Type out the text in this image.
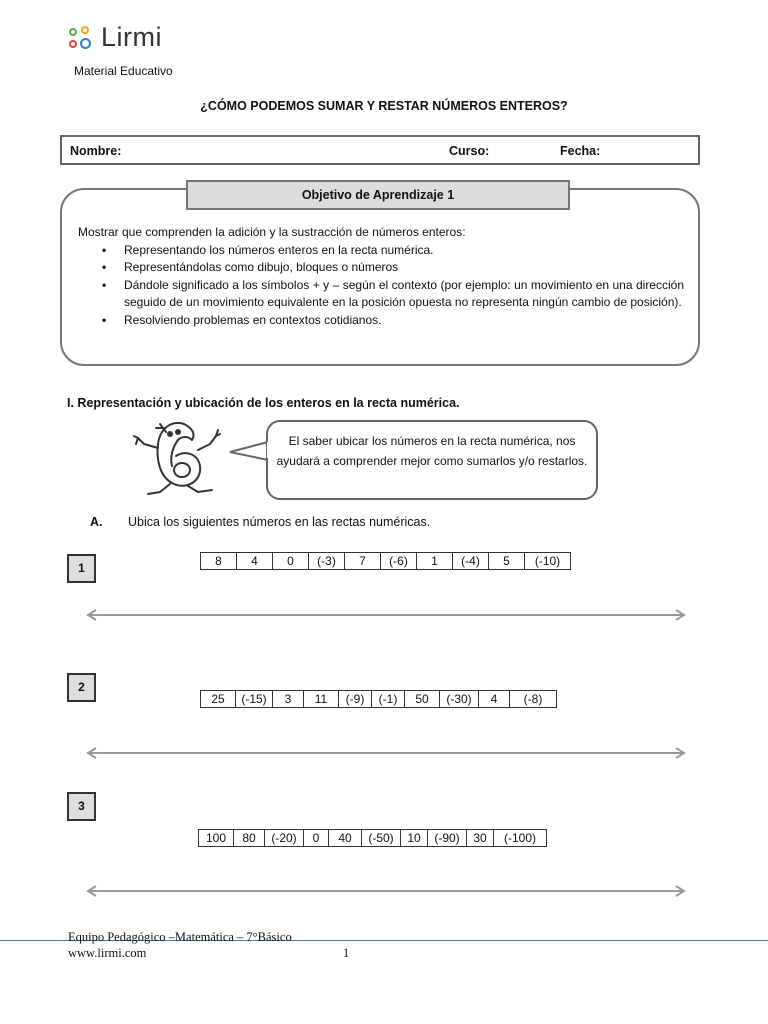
Lirmi
Material Educativo
¿CÓMO PODEMOS SUMAR Y RESTAR NÚMEROS ENTEROS?
Nombre:	Curso:	Fecha:
Objetivo de Aprendizaje 1
Mostrar que comprenden la adición y la sustracción de números enteros:
• Representando los números enteros en la recta numérica.
• Representándolas como dibujo, bloques o números
• Dándole significado a los símbolos + y – según el contexto (por ejemplo: un movimiento en una dirección seguido de un movimiento equivalente en la posición opuesta no representa ningún cambio de posición).
• Resolviendo problemas en contextos cotidianos.
I. Representación y ubicación de los enteros en la recta numérica.
El saber ubicar los números en la recta numérica, nos ayudará a comprender mejor como sumarlos y/o restarlos.
A. Ubica los siguientes números en las rectas numéricas.
1	8	4	0	(-3)	7	(-6)	1	(-4)	5	(-10)
2
25	(-15)	3	11	(-9)	(-1)	50	(-30)	4	(-8)
3
100	80	(-20)	0	40	(-50)	10	(-90)	30	(-100)
Equipo Pedagógico –Matemática – 7°Básico
www.lirmi.com	1
